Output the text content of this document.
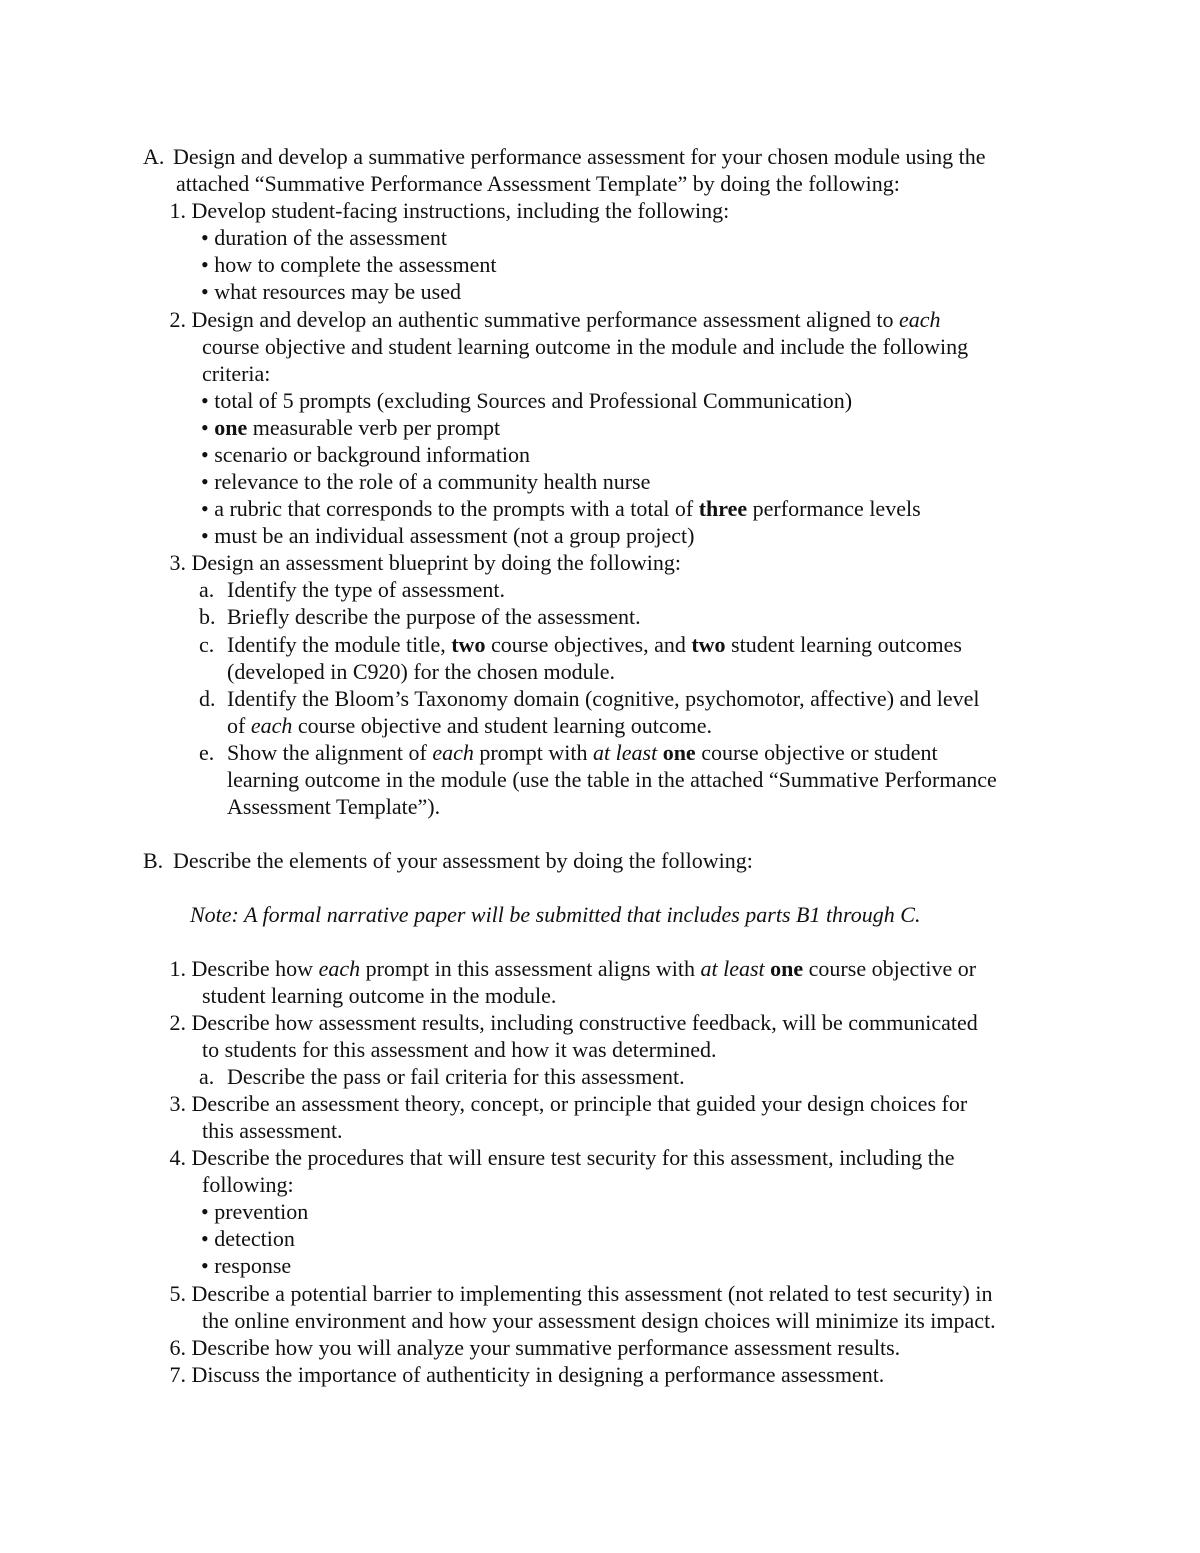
A. Design and develop a summative performance assessment for your chosen module using the
attached “Summative Performance Assessment Template” by doing the following:
1. Develop student-facing instructions, including the following:
• duration of the assessment
• how to complete the assessment
• what resources may be used
2. Design and develop an authentic summative performance assessment aligned to each
course objective and student learning outcome in the module and include the following
criteria:
• total of 5 prompts (excluding Sources and Professional Communication)
• one measurable verb per prompt
• scenario or background information
• relevance to the role of a community health nurse
• a rubric that corresponds to the prompts with a total of three performance levels
• must be an individual assessment (not a group project)
3. Design an assessment blueprint by doing the following:
a. Identify the type of assessment.
b. Briefly describe the purpose of the assessment.
c. Identify the module title, two course objectives, and two student learning outcomes
(developed in C920) for the chosen module.
d. Identify the Bloom’s Taxonomy domain (cognitive, psychomotor, affective) and level
of each course objective and student learning outcome.
e. Show the alignment of each prompt with at least one course objective or student
learning outcome in the module (use the table in the attached “Summative Performance
Assessment Template”).
B. Describe the elements of your assessment by doing the following:
Note: A formal narrative paper will be submitted that includes parts B1 through C.
1. Describe how each prompt in this assessment aligns with at least one course objective or
student learning outcome in the module.
2. Describe how assessment results, including constructive feedback, will be communicated
to students for this assessment and how it was determined.
a. Describe the pass or fail criteria for this assessment.
3. Describe an assessment theory, concept, or principle that guided your design choices for
this assessment.
4. Describe the procedures that will ensure test security for this assessment, including the
following:
• prevention
• detection
• response
5. Describe a potential barrier to implementing this assessment (not related to test security) in
the online environment and how your assessment design choices will minimize its impact.
6. Describe how you will analyze your summative performance assessment results.
7. Discuss the importance of authenticity in designing a performance assessment.
